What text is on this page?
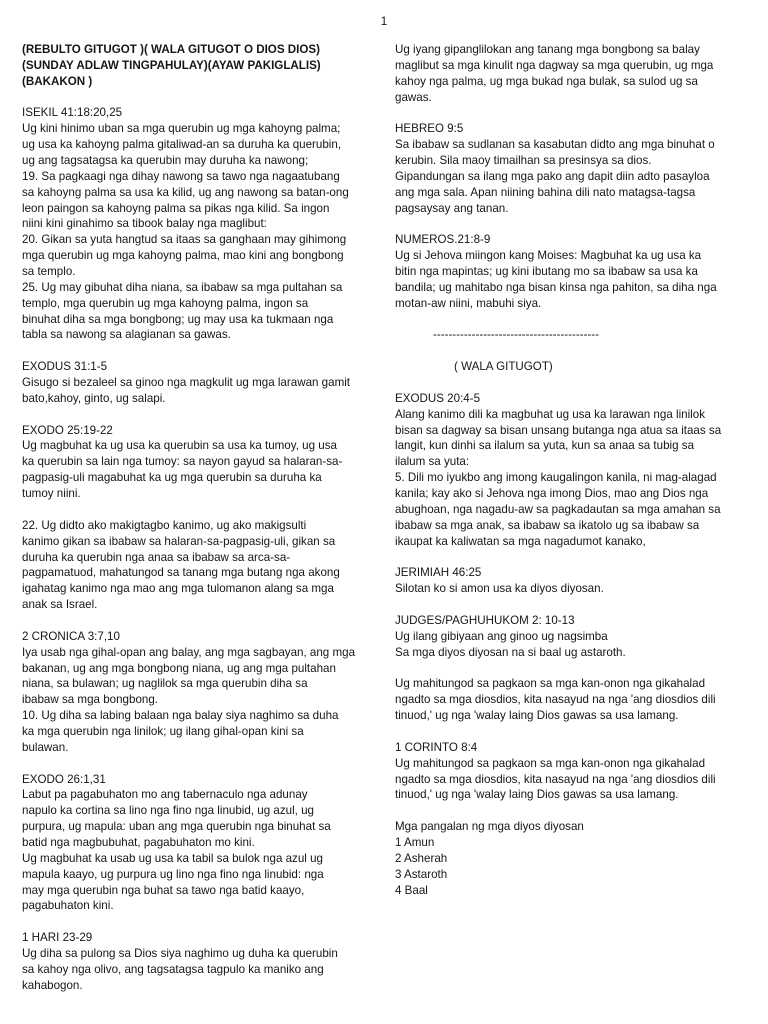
1
(REBULTO GITUGOT )( WALA GITUGOT O DIOS DIOS)
(SUNDAY ADLAW TINGPAHULAY)(AYAW PAKIGLALIS)
(BAKAKON )
ISEKIL 41:18:20,25
Ug kini hinimo uban sa mga querubin ug mga kahoyng palma;
ug usa ka kahoyng palma gitaliwad-an sa duruha ka querubin,
ug ang tagsatagsa ka querubin may duruha ka nawong;
19. Sa pagkaagi nga dihay nawong sa tawo nga nagaatubang
sa kahoyng palma sa usa ka kilid, ug ang nawong sa batan-ong
leon paingon sa kahoyng palma sa pikas nga kilid. Sa ingon
niini kini ginahimo sa tibook balay nga maglibut:
20. Gikan sa yuta hangtud sa itaas sa ganghaan may gihimong
mga querubin ug mga kahoyng palma, mao kini ang bongbong
sa templo.
25. Ug may gibuhat diha niana, sa ibabaw sa mga pultahan sa
templo, mga querubin ug mga kahoyng palma, ingon sa
binuhat diha sa mga bongbong; ug may usa ka tukmaan nga
tabla sa nawong sa alagianan sa gawas.
EXODUS 31:1-5
Gisugo si bezaleel sa ginoo nga magkulit ug mga larawan gamit
bato,kahoy, ginto, ug salapi.
EXODO 25:19-22
Ug magbuhat ka ug usa ka querubin sa usa ka tumoy, ug usa
ka querubin sa lain nga tumoy: sa nayon gayud sa halaran-sa-
pagpasig-uli magabuhat ka ug mga querubin sa duruha ka
tumoy niini.
22. Ug didto ako makigtagbo kanimo, ug ako makigsulti
kanimo gikan sa ibabaw sa halaran-sa-pagpasig-uli, gikan sa
duruha ka querubin nga anaa sa ibabaw sa arca-sa-
pagpamatuod, mahatungod sa tanang mga butang nga akong
igahatag kanimo nga mao ang mga tulomanon alang sa mga
anak sa Israel.
2 CRONICA 3:7,10
Iya usab nga gihal-opan ang balay, ang mga sagbayan, ang mga
bakanan, ug ang mga bongbong niana, ug ang mga pultahan
niana, sa bulawan; ug naglilok sa mga querubin diha sa
ibabaw sa mga bongbong.
10. Ug diha sa labing balaan nga balay siya naghimo sa duha
ka mga querubin nga linilok; ug ilang gihal-opan kini sa
bulawan.
EXODO 26:1,31
Labut pa pagabuhaton mo ang tabernaculo nga adunay
napulo ka cortina sa lino nga fino nga linubid, ug azul, ug
purpura, ug mapula: uban ang mga querubin nga binuhat sa
batid nga magbubuhat, pagabuhaton mo kini.
Ug magbuhat ka usab ug usa ka tabil sa bulok nga azul ug
mapula kaayo, ug purpura ug lino nga fino nga linubid: nga
may mga querubin nga buhat sa tawo nga batid kaayo,
pagabuhaton kini.
1 HARI 23-29
Ug diha sa pulong sa Dios siya naghimo ug duha ka querubin
sa kahoy nga olivo, ang tagsatagsa tagpulo ka maniko ang
kahabogon.
Ug iyang gipanglilokan ang tanang mga bongbong sa balay
maglibut sa mga kinulit nga dagway sa mga querubin, ug mga
kahoy nga palma, ug mga bukad nga bulak, sa sulod ug sa
gawas.
HEBREO 9:5
Sa ibabaw sa sudlanan sa kasabutan didto ang mga binuhat o
kerubin. Sila maoy timailhan sa presinsya sa dios.
Gipandungan sa ilang mga pako ang dapit diin adto pasayloa
ang mga sala. Apan niining bahina dili nato matagsa-tagsa
pagsaysay ang tanan.
NUMEROS.21:8-9
Ug si Jehova miingon kang Moises: Magbuhat ka ug usa ka
bitin nga mapintas; ug kini ibutang mo sa ibabaw sa usa ka
bandila; ug mahitabo nga bisan kinsa nga pahiton, sa diha nga
motan-aw niini, mabuhi siya.
-------------------------------------------
( WALA GITUGOT)
EXODUS 20:4-5
Alang kanimo dili ka magbuhat ug usa ka larawan nga linilok
bisan sa dagway sa bisan unsang butanga nga atua sa itaas sa
langit, kun dinhi sa ilalum sa yuta, kun sa anaa sa tubig sa
ilalum sa yuta:
5. Dili mo iyukbo ang imong kaugalingon kanila, ni mag-alagad
kanila; kay ako si Jehova nga imong Dios, mao ang Dios nga
abughoan, nga nagadu-aw sa pagkadautan sa mga amahan sa
ibabaw sa mga anak, sa ibabaw sa ikatolo ug sa ibabaw sa
ikaupat ka kaliwatan sa mga nagadumot kanako,
JERIMIAH 46:25
Silotan ko si amon usa ka diyos diyosan.
JUDGES/PAGHUHUKOM 2: 10-13
Ug ilang gibiyaan ang ginoo ug nagsimba
Sa mga diyos diyosan na si baal ug astaroth.
Ug mahitungod sa pagkaon sa mga kan-onon nga gikahalad
ngadto sa mga diosdios, kita nasayud na nga 'ang diosdios dili
tinuod,' ug nga 'walay laing Dios gawas sa usa lamang.
1 CORINTO 8:4
Ug mahitungod sa pagkaon sa mga kan-onon nga gikahalad
ngadto sa mga diosdios, kita nasayud na nga 'ang diosdios dili
tinuod,' ug nga 'walay laing Dios gawas sa usa lamang.
Mga pangalan ng mga diyos diyosan
1 Amun
2 Asherah
3 Astaroth
4 Baal
